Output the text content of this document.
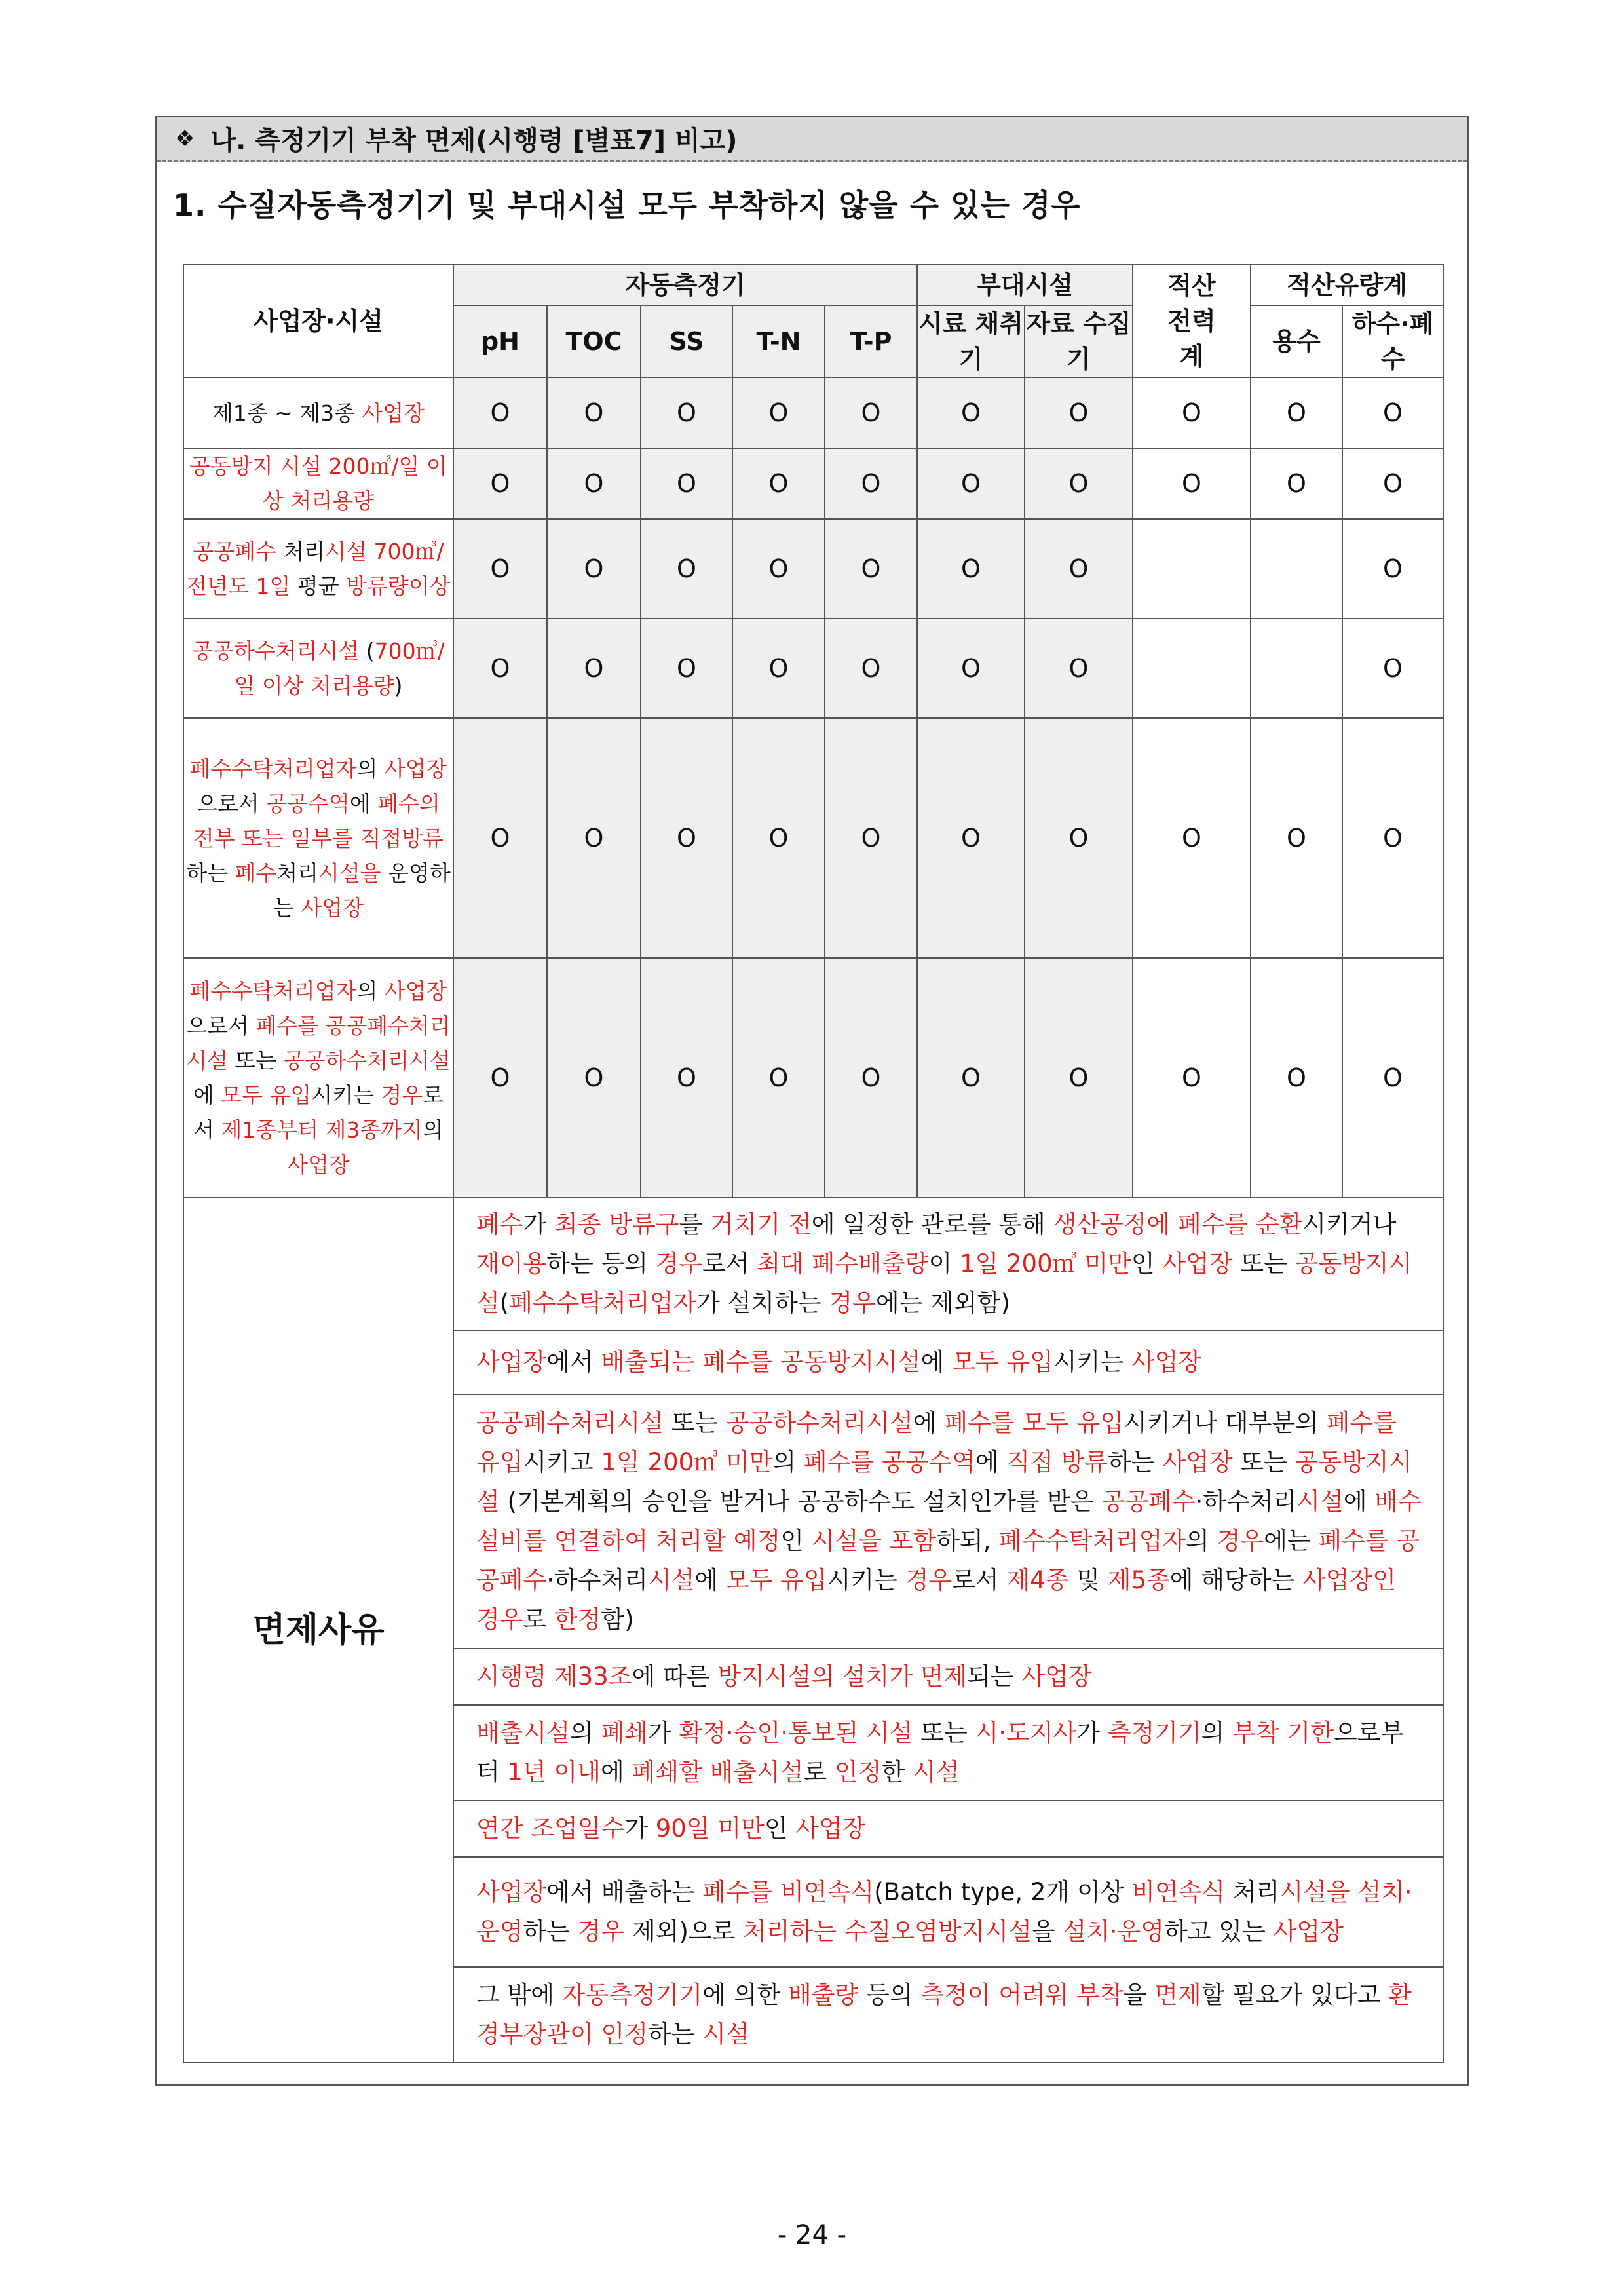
❖ 나. 측정기기 부착 면제(시행령 [별표7] 비고)
1. 수질자동측정기기 및 부대시설 모두 부착하지 않을 수 있는 경우
사업장·시설	자동측정기					부대시설		적산 전력계	적산유량계	
	pH	TOC	SS	T-N	T-P	시료 채취기	자료 수집기		용수	하수·폐수
제1종 ~ 제3종 사업장	O	O	O	O	O	O	O	O	O	O
공동방지 시설 200㎥/일 이상 처리용량	O	O	O	O	O	O	O	O	O	O
공공폐수 처리시설 700㎥/전년도 1일 평균 방류량이상	O	O	O	O	O	O	O			O
공공하수처리시설 (700㎥/일 이상 처리용량)	O	O	O	O	O	O	O			O
폐수수탁처리업자의 사업장으로서 공공수역에 폐수의 전부 또는 일부를 직접방류하는 폐수처리시설을 운영하는 사업장	O	O	O	O	O	O	O	O	O	O
폐수수탁처리업자의 사업장으로서 폐수를 공공폐수처리시설 또는 공공하수처리시설에 모두 유입시키는 경우로서 제1종부터 제3종까지의 사업장	O	O	O	O	O	O	O	O	O	O
면제사유	폐수가 최종 방류구를 거치기 전에 일정한 관로를 통해 생산공정에 폐수를 순환시키거나 재이용하는 등의 경우로서 최대 폐수배출량이 1일 200㎥ 미만인 사업장 또는 공동방지시설(폐수수탁처리업자가 설치하는 경우에는 제외함)									
	사업장에서 배출되는 폐수를 공동방지시설에 모두 유입시키는 사업장									
	공공폐수처리시설 또는 공공하수처리시설에 폐수를 모두 유입시키거나 대부분의 폐수를 유입시키고 1일 200㎥ 미만의 폐수를 공공수역에 직접 방류하는 사업장 또는 공동방지시설 (기본계획의 승인을 받거나 공공하수도 설치인가를 받은 공공폐수·하수처리시설에 배수설비를 연결하여 처리할 예정인 시설을 포함하되, 폐수수탁처리업자의 경우에는 폐수를 공공폐수·하수처리시설에 모두 유입시키는 경우로서 제4종 및 제5종에 해당하는 사업장인 경우로 한정함)									
	시행령 제33조에 따른 방지시설의 설치가 면제되는 사업장									
	배출시설의 폐쇄가 확정·승인·통보된 시설 또는 시·도지사가 측정기기의 부착 기한으로부터 1년 이내에 폐쇄할 배출시설로 인정한 시설									
	연간 조업일수가 90일 미만인 사업장									
	사업장에서 배출하는 폐수를 비연속식(Batch type, 2개 이상 비연속식 처리시설을 설치·운영하는 경우 제외)으로 처리하는 수질오염방지시설을 설치·운영하고 있는 사업장									
	그 밖에 자동측정기기에 의한 배출량 등의 측정이 어려워 부착을 면제할 필요가 있다고 환경부장관이 인정하는 시설									
- 24 -
